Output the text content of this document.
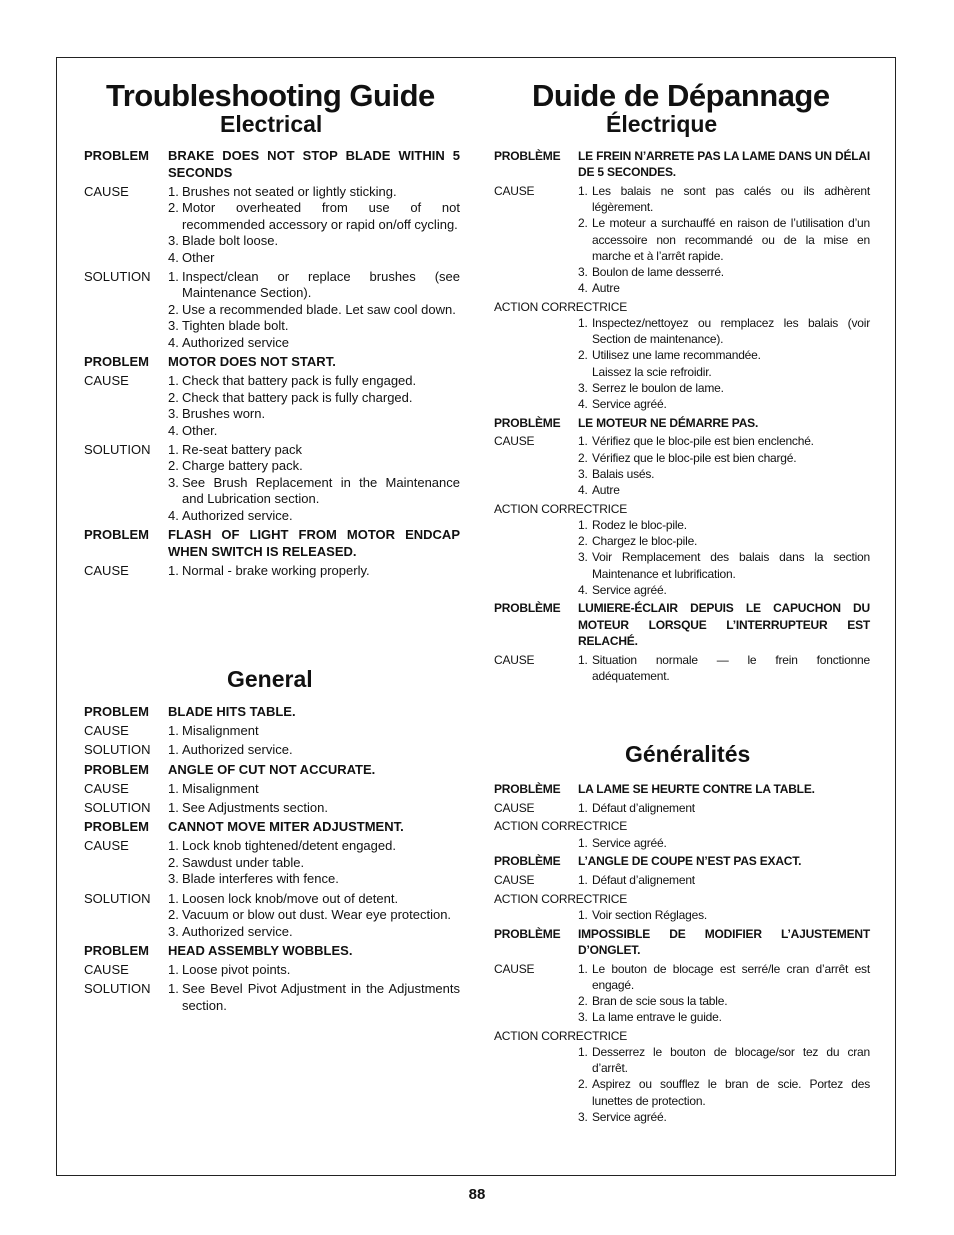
Troubleshooting Guide
Electrical
PROBLEM	BRAKE DOES NOT STOP BLADE WITHIN 5 SECONDS
CAUSE	1. Brushes not seated or lightly sticking.
2. Motor overheated from use of not recommended accessory or rapid on/off cycling.
3. Blade bolt loose.
4. Other
SOLUTION	1. Inspect/clean or replace brushes (see Maintenance Section).
2. Use a recommended blade. Let saw cool down.
3. Tighten blade bolt.
4. Authorized service
PROBLEM	MOTOR DOES NOT START.
CAUSE	1. Check that battery pack is fully engaged.
2. Check that battery pack is fully charged.
3. Brushes worn.
4. Other.
SOLUTION	1. Re-seat battery pack
2. Charge battery pack.
3. See Brush Replacement in the Maintenance and Lubrication section.
4. Authorized service.
PROBLEM	FLASH OF LIGHT FROM MOTOR ENDCAP WHEN SWITCH IS RELEASED.
CAUSE	1. Normal - brake working properly.
General
PROBLEM	BLADE HITS TABLE.
CAUSE	1. Misalignment
SOLUTION	1. Authorized service.
PROBLEM	ANGLE OF CUT NOT ACCURATE.
CAUSE	1. Misalignment
SOLUTION	1. See Adjustments section.
PROBLEM	CANNOT MOVE MITER ADJUSTMENT.
CAUSE	1. Lock knob tightened/detent engaged.
2. Sawdust under table.
3. Blade interferes with fence.
SOLUTION	1. Loosen lock knob/move out of detent.
2. Vacuum or blow out dust. Wear eye protection.
3. Authorized service.
PROBLEM	HEAD ASSEMBLY WOBBLES.
CAUSE	1. Loose pivot points.
SOLUTION	1. See Bevel Pivot Adjustment in the Adjustments section.
Duide de Dépannage
Électrique
PROBLÈME	LE FREIN N’ARRETE PAS LA LAME DANS UN DÉLAI DE 5 SECONDES.
CAUSE	1. Les balais ne sont pas calés ou ils adhèrent légèrement.
2. Le moteur a surchauffé en raison de l’utilisation d’un accessoire non recommandé ou de la mise en marche et à l’arrêt rapide.
3. Boulon de lame desserré.
4. Autre
ACTION CORRECTRICE
1. Inspectez/nettoyez ou remplacez les balais (voir Section de maintenance).
2. Utilisez une lame recommandée.
Laissez la scie refroidir.
3. Serrez le boulon de lame.
4. Service agréé.
PROBLÈME	LE MOTEUR NE DÉMARRE PAS.
CAUSE	1. Vérifiez que le bloc-pile est bien enclenché.
2. Vérifiez que le bloc-pile est bien chargé.
3. Balais usés.
4. Autre
ACTION CORRECTRICE
1. Rodez le bloc-pile.
2. Chargez le bloc-pile.
3. Voir Remplacement des balais dans la section Maintenance et lubrification.
4. Service agréé.
PROBLÈME	LUMIERE-ÉCLAIR DEPUIS LE CAPUCHON DU MOTEUR LORSQUE L’INTERRUPTEUR EST RELACHÉ.
CAUSE	1. Situation normale — le frein fonctionne adéquatement.
Généralités
PROBLÈME	LA LAME SE HEURTE CONTRE LA TABLE.
CAUSE	1. Défaut d’alignement
ACTION CORRECTRICE
1. Service agréé.
PROBLÈME	L’ANGLE DE COUPE N’EST PAS EXACT.
CAUSE	1. Défaut d’alignement
ACTION CORRECTRICE
1. Voir section Réglages.
PROBLÈME	IMPOSSIBLE DE MODIFIER L’AJUSTEMENT D’ONGLET.
CAUSE	1. Le bouton de blocage est serré/le cran d’arrêt est engagé.
2. Bran de scie sous la table.
3. La lame entrave le guide.
ACTION CORRECTRICE
1. Desserrez le bouton de blocage/sor tez du cran d’arrêt.
2. Aspirez ou soufflez le bran de scie. Portez des lunettes de protection.
3. Service agréé.
88
